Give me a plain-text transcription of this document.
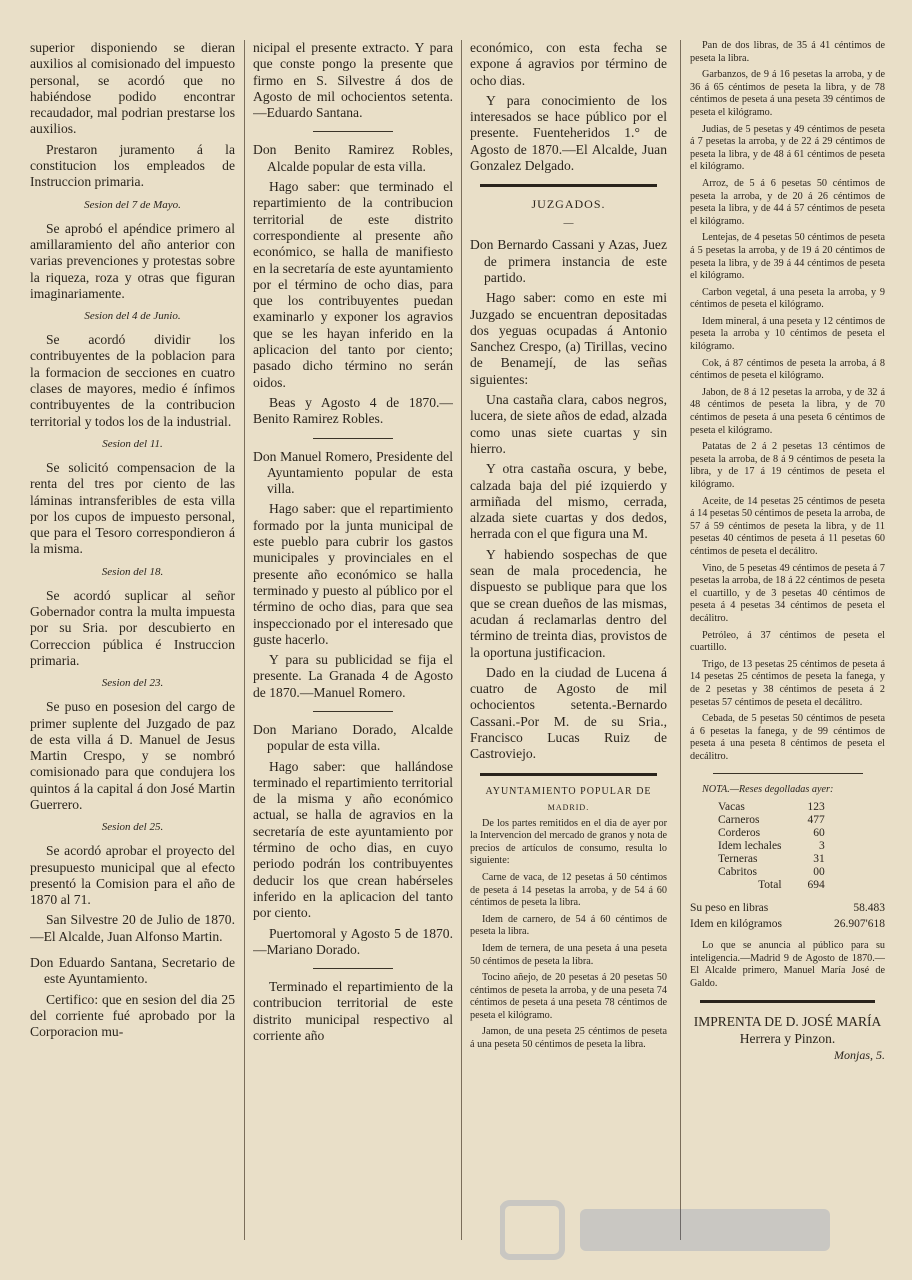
superior disponiendo se dieran auxilios al comisionado del impuesto personal, se acordó que no habiéndose podido encontrar recaudador, mal podrian prestarse los auxilios.

Prestaron juramento á la constitucion los empleados de Instruccion primaria.

Sesion del 7 de Mayo.

Se aprobó el apéndice primero al amillaramiento del año anterior con varias prevenciones y protestas sobre la riqueza, roza y otras que figuran imaginariamente.

Sesion del 4 de Junio.

Se acordó dividir los contribuyentes de la poblacion para la formacion de secciones en cuatro clases de mayores, medio é ínfimos contribuyentes de la contribucion territorial y todos los de la industrial.

Sesion del 11.

Se solicitó compensacion de la renta del tres por ciento de las láminas intransferibles de esta villa por los cupos de impuesto personal, que para el Tesoro correspondieron á la misma.

Sesion del 18.

Se acordó suplicar al señor Gobernador contra la multa impuesta por su Sria. por descubierto en Correccion pública é Instruccion primaria.

Sesion del 23.

Se puso en posesion del cargo de primer suplente del Juzgado de paz de esta villa á D. Manuel de Jesus Martin Crespo, y se nombró comisionado para que condujera los quintos á la capital á don José Martin Guerrero.

Sesion del 25.

Se acordó aprobar el proyecto del presupuesto municipal que al efecto presentó la Comision para el año de 1870 al 71.

San Silvestre 20 de Julio de 1870.—El Alcalde, Juan Alfonso Martin.

Don Eduardo Santana, Secretario de este Ayuntamiento.

Certifico: que en sesion del dia 25 del corriente fué aprobado por la Corporacion mu-

nicipal el presente extracto. Y para que conste pongo la presente que firmo en S. Silvestre á dos de Agosto de mil ochocientos setenta.—Eduardo Santana.

Don Benito Ramirez Robles, Alcalde popular de esta villa.

Hago saber: que terminado el repartimiento de la contribucion territorial de este distrito correspondiente al presente año económico, se halla de manifiesto en la secretaría de este ayuntamiento por el término de ocho dias, para que los contribuyentes puedan examinarlo y exponer los agravios que se les hayan inferido en la aplicacion del tanto por ciento; pasado dicho término no serán oidos.

Beas y Agosto 4 de 1870.—Benito Ramirez Robles.

Don Manuel Romero, Presidente del Ayuntamiento popular de esta villa.

Hago saber: que el repartimiento formado por la junta municipal de este pueblo para cubrir los gastos municipales y provinciales en el presente año económico se halla terminado y puesto al público por el término de ocho dias, para que sea inspeccionado por el interesado que guste hacerlo.

Y para su publicidad se fija el presente. La Granada 4 de Agosto de 1870.—Manuel Romero.

Don Mariano Dorado, Alcalde popular de esta villa.

Hago saber: que hallándose terminado el repartimiento territorial de la misma y año económico actual, se halla de agravios en la secretaría de este ayuntamiento por término de ocho dias, en cuyo periodo podrán los contribuyentes deducir los que crean habérseles inferido en la aplicacion del tanto por ciento.

Puertomoral y Agosto 5 de 1870.—Mariano Dorado.

Terminado el repartimiento de la contribucion territorial de este distrito municipal respectivo al corriente año

económico, con esta fecha se expone á agravios por término de ocho dias.

Y para conocimiento de los interesados se hace público por el presente. Fuenteheridos 1.° de Agosto de 1870.—El Alcalde, Juan Gonzalez Delgado.

JUZGADOS.
—

Don Bernardo Cassani y Azas, Juez de primera instancia de este partido.

Hago saber: como en este mi Juzgado se encuentran depositadas dos yeguas ocupadas á Antonio Sanchez Crespo, (a) Tirillas, vecino de Benamejí, de las señas siguientes:

Una castaña clara, cabos negros, lucera, de siete años de edad, alzada como unas siete cuartas y sin hierro.

Y otra castaña oscura, y bebe, calzada baja del pié izquierdo y armiñada del mismo, cerrada, alzada siete cuartas y dos dedos, herrada con el que figura una M.

Y habiendo sospechas de que sean de mala procedencia, he dispuesto se publique para que los que se crean dueños de las mismas, acudan á reclamarlas dentro del término de treinta dias, provistos de la oportuna justificacion.

Dado en la ciudad de Lucena á cuatro de Agosto de mil ochocientos setenta.-Bernardo Cassani.-Por M. de su Sria., Francisco Lucas Ruiz de Castroviejo.

AYUNTAMIENTO POPULAR DE
MADRID.

De los partes remitidos en el dia de ayer por la Intervencion del mercado de granos y nota de precios de artículos de consumo, resulta lo siguiente:

Carne de vaca, de 12 pesetas á 50 céntimos de peseta á 14 pesetas la arroba, y de 54 á 60 céntimos de peseta la libra.

Idem de carnero, de 54 á 60 céntimos de peseta la libra.

Idem de ternera, de una peseta á una peseta 50 céntimos de peseta la libra.

Tocino añejo, de 20 pesetas á 20 pesetas 50 céntimos de peseta la arroba, y de una peseta 74 céntimos de peseta á una peseta 78 céntimos de peseta el kilógramo.

Jamon, de una peseta 25 céntimos de peseta á una peseta 50 céntimos de peseta la libra.

Pan de dos libras, de 35 á 41 céntimos de peseta la libra.

Garbanzos, de 9 á 16 pesetas la arroba, y de 36 á 65 céntimos de peseta la libra, y de 78 céntimos de peseta á una peseta 39 céntimos de peseta el kilógramo.

Judias, de 5 pesetas y 49 céntimos de peseta á 7 pesetas la arroba, y de 22 á 29 céntimos de peseta la libra, y de 48 á 61 céntimos de peseta el kilógramo.

Arroz, de 5 á 6 pesetas 50 céntimos de peseta la arroba, y de 20 á 26 céntimos de peseta la libra, y de 44 á 57 céntimos de peseta el kilógramo.

Lentejas, de 4 pesetas 50 céntimos de peseta á 5 pesetas la arroba, y de 19 á 20 céntimos de peseta la libra, y de 39 á 44 céntimos de peseta el kilógramo.

Carbon vegetal, á una peseta la arroba, y 9 céntimos de peseta el kilógramo.

Idem mineral, á una peseta y 12 céntimos de peseta la arroba y 10 céntimos de peseta el kilógramo.

Cok, á 87 céntimos de peseta la arroba, á 8 céntimos de peseta el kilógramo.

Jabon, de 8 á 12 pesetas la arroba, y de 32 á 48 céntimos de peseta la libra, y de 70 céntimos de peseta á una peseta 6 céntimos de peseta el kilógramo.

Patatas de 2 á 2 pesetas 13 céntimos de peseta la arroba, de 8 á 9 céntimos de peseta la libra, y de 17 á 19 céntimos de peseta el kilógramo.

Aceite, de 14 pesetas 25 céntimos de peseta á 14 pesetas 50 céntimos de peseta la arroba, de 57 á 59 céntimos de peseta la libra, y de 11 pesetas 40 céntimos de peseta á 11 pesetas 60 céntimos de peseta el decálitro.

Vino, de 5 pesetas 49 céntimos de peseta á 7 pesetas la arroba, de 18 á 22 céntimos de peseta el cuartillo, y de 3 pesetas 40 céntimos de peseta á 4 pesetas 34 céntimos de peseta el decálitro.

Petróleo, á 37 céntimos de peseta el cuartillo.

Trigo, de 13 pesetas 25 céntimos de peseta á 14 pesetas 25 céntimos de peseta la fanega, y de 2 pesetas y 38 céntimos de peseta á 2 pesetas 57 céntimos de peseta el decálitro.

Cebada, de 5 pesetas 50 céntimos de peseta á 6 pesetas la fanega, y de 99 céntimos de peseta á una peseta 8 céntimos de peseta el decálitro.

NOTA.—Reses degolladas ayer:

Vacas	123
Carneros	477
Corderos	60
Idem lechales	3
Terneras	31
Cabritos	00
Total	694
Su peso en libras	58.483
Idem en kilógramos	26.907'618

Lo que se anuncia al público para su inteligencia.—Madrid 9 de Agosto de 1870.—El Alcalde primero, Manuel María José de Galdo.

IMPRENTA DE D. JOSÉ MARÍA Herrera y Pinzon.
Monjas, 5.
